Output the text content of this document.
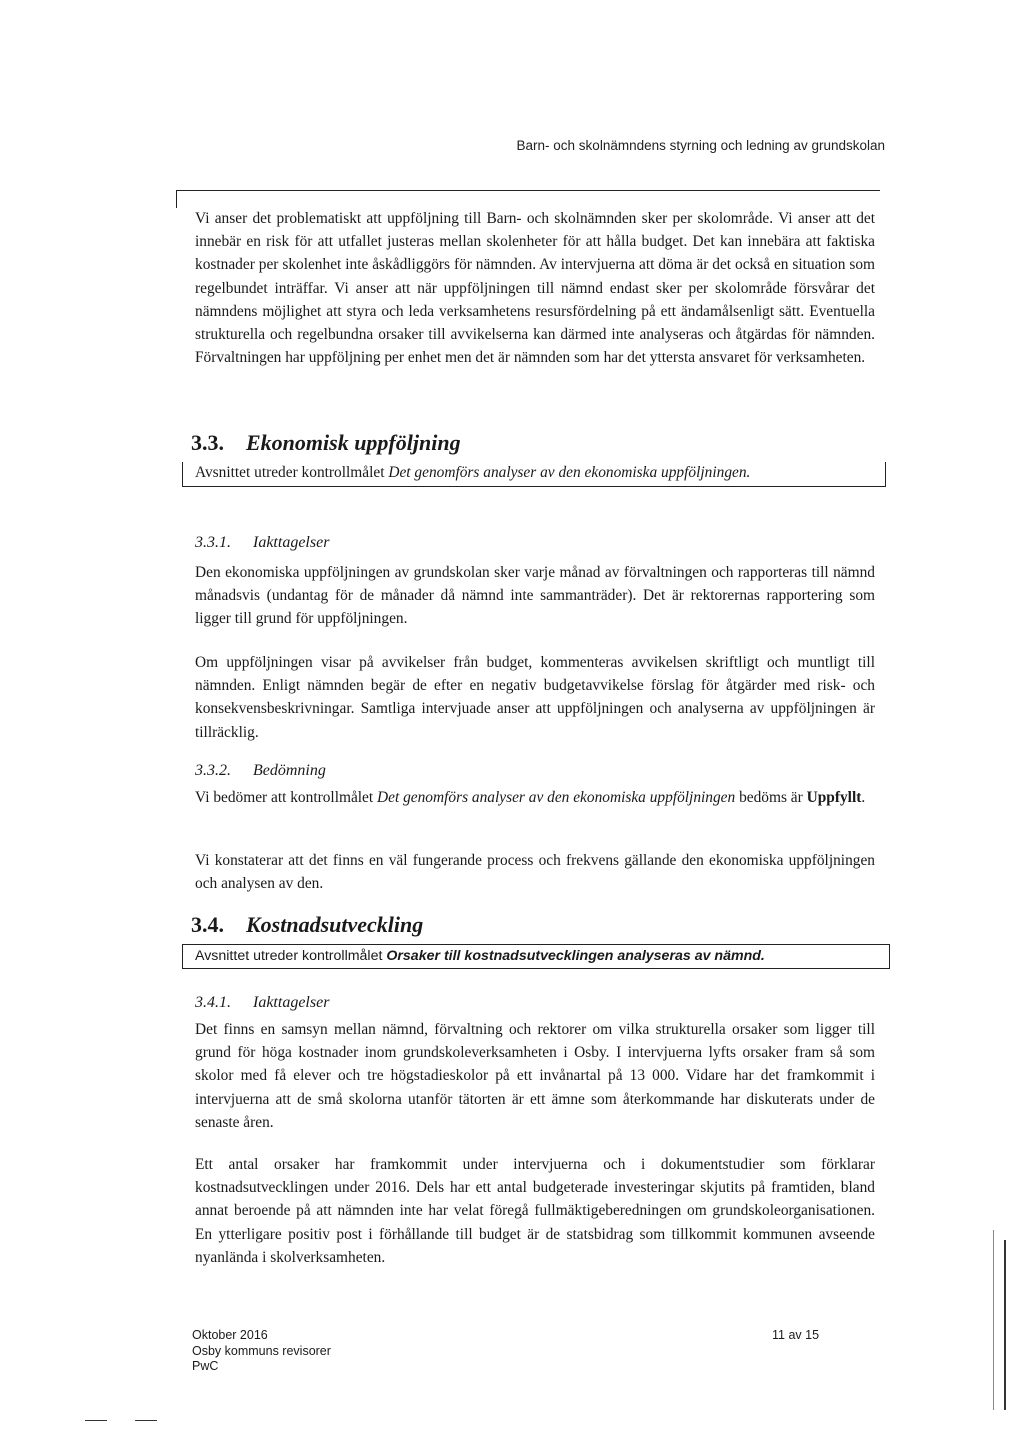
Barn- och skolnämndens styrning och ledning av grundskolan

Vi anser det problematiskt att uppföljning till Barn- och skolnämnden sker per skolområde. Vi anser att det innebär en risk för att utfallet justeras mellan skolenheter för att hålla budget. Det kan innebära att faktiska kostnader per skolenhet inte åskådliggörs för nämnden. Av intervjuerna att döma är det också en situation som regelbundet inträffar. Vi anser att när uppföljningen till nämnd endast sker per skolområde försvårar det nämndens möjlighet att styra och leda verksamhetens resursfördelning på ett ändamålsenligt sätt. Eventuella strukturella och regelbundna orsaker till avvikelserna kan därmed inte analyseras och åtgärdas för nämnden. Förvaltningen har uppföljning per enhet men det är nämnden som har det yttersta ansvaret för verksamheten.

3.3. Ekonomisk uppföljning
Avsnittet utreder kontrollmålet Det genomförs analyser av den ekonomiska uppföljningen.
3.3.1. Iakttagelser

Den ekonomiska uppföljningen av grundskolan sker varje månad av förvaltningen och rapporteras till nämnd månadsvis (undantag för de månader då nämnd inte sammanträder). Det är rektorernas rapportering som ligger till grund för uppföljningen.

Om uppföljningen visar på avvikelser från budget, kommenteras avvikelsen skriftligt och muntligt till nämnden. Enligt nämnden begär de efter en negativ budgetavvikelse förslag för åtgärder med risk- och konsekvensbeskrivningar. Samtliga intervjuade anser att uppföljningen och analyserna av uppföljningen är tillräcklig.

3.3.2. Bedömning

Vi bedömer att kontrollmålet Det genomförs analyser av den ekonomiska uppföljningen bedöms är Uppfyllt.

Vi konstaterar att det finns en väl fungerande process och frekvens gällande den ekonomiska uppföljningen och analysen av den.

3.4. Kostnadsutveckling
Avsnittet utreder kontrollmålet Orsaker till kostnadsutvecklingen analyseras av nämnd.
3.4.1. Iakttagelser

Det finns en samsyn mellan nämnd, förvaltning och rektorer om vilka strukturella orsaker som ligger till grund för höga kostnader inom grundskoleverksamheten i Osby. I intervjuerna lyfts orsaker fram så som skolor med få elever och tre högstadieskolor på ett invånartal på 13 000. Vidare har det framkommit i intervjuerna att de små skolorna utanför tätorten är ett ämne som återkommande har diskuterats under de senaste åren.

Ett antal orsaker har framkommit under intervjuerna och i dokumentstudier som förklarar kostnadsutvecklingen under 2016. Dels har ett antal budgeterade investeringar skjutits på framtiden, bland annat beroende på att nämnden inte har velat föregå fullmäktigeberedningen om grundskoleorganisationen. En ytterligare positiv post i förhållande till budget är de statsbidrag som tillkommit kommunen avseende nyanlända i skolverksamheten.

Oktober 2016
Osby kommuns revisorer
PwC
11 av 15
